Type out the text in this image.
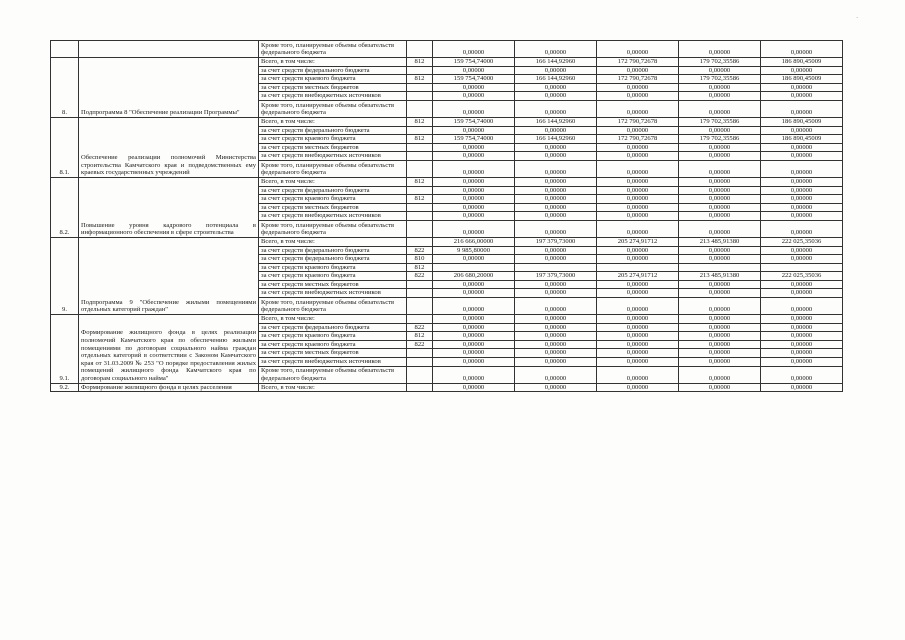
·
		Кроме того, планируемые объемы обязательств федерального бюджета		0,00000	0,00000	0,00000	0,00000	0,00000
8.	Подпрограмма 8 "Обеспечение реализации Программы"	Всего, в том числе:	812	159 754,74000	166 144,92960	172 790,72678	179 702,35586	186 890,45009
		за счет средств федерального бюджета		0,00000	0,00000	0,00000	0,00000	0,00000
		за счет средств краевого бюджета	812	159 754,74000	166 144,92960	172 790,72678	179 702,35586	186 890,45009
		за счет средств местных бюджетов		0,00000	0,00000	0,00000	0,00000	0,00000
		за счет средств внебюджетных источников		0,00000	0,00000	0,00000	0,00000	0,00000
		Кроме того, планируемые объемы обязательств федерального бюджета		0,00000	0,00000	0,00000	0,00000	0,00000
8.1.	Обеспечение реализации полномочий Министерства строительства Камчатского края и подведомственных ему краевых государственных учреждений	Всего, в том числе:	812	159 754,74000	166 144,92960	172 790,72678	179 702,35586	186 890,45009
		за счет средств федерального бюджета		0,00000	0,00000	0,00000	0,00000	0,00000
		за счет средств краевого бюджета	812	159 754,74000	166 144,92960	172 790,72678	179 702,35586	186 890,45009
		за счет средств местных бюджетов		0,00000	0,00000	0,00000	0,00000	0,00000
		за счет средств внебюджетных источников		0,00000	0,00000	0,00000	0,00000	0,00000
		Кроме того, планируемые объемы обязательств федерального бюджета		0,00000	0,00000	0,00000	0,00000	0,00000
8.2.	Повышение уровня кадрового потенциала в информационного обеспечения в сфере строительства	Всего, в том числе:	812	0,00000	0,00000	0,00000	0,00000	0,00000
		за счет средств федерального бюджета		0,00000	0,00000	0,00000	0,00000	0,00000
		за счет средств краевого бюджета	812	0,00000	0,00000	0,00000	0,00000	0,00000
		за счет средств местных бюджетов		0,00000	0,00000	0,00000	0,00000	0,00000
		за счет средств внебюджетных источников		0,00000	0,00000	0,00000	0,00000	0,00000
		Кроме того, планируемые объемы обязательств федерального бюджета		0,00000	0,00000	0,00000	0,00000	0,00000
9.	Подпрограмма 9 "Обеспечение жилыми помещениями отдельных категорий граждан"	Всего, в том числе:		216 666,00000	197 379,73000	205 274,91712	213 485,91380	222 025,35036
		за счет средств федерального бюджета	822	9 985,80000	0,00000	0,00000	0,00000	0,00000
		за счет средств федерального бюджета	810	0,00000	0,00000	0,00000	0,00000	0,00000
		за счет средств краевого бюджета	812					
		за счет средств краевого бюджета	822	206 680,20000	197 379,73000	205 274,91712	213 485,91380	222 025,35036
		за счет средств местных бюджетов		0,00000	0,00000	0,00000	0,00000	0,00000
		за счет средств внебюджетных источников		0,00000	0,00000	0,00000	0,00000	0,00000
		Кроме того, планируемые объемы обязательств федерального бюджета		0,00000	0,00000	0,00000	0,00000	0,00000
9.1.	Формирование жилищного фонда в целях реализации полномочий Камчатского края по обеспечению жилыми помещениями по договорам социального найма граждан отдельных категорий в соответствии с Законом Камчатского края от 31.03.2009 № 253 "О порядке предоставления жилых помещений жилищного фонда Камчатского края по договорам социального найма"	Всего, в том числе:		0,00000	0,00000	0,00000	0,00000	0,00000
		за счет средств федерального бюджета	822	0,00000	0,00000	0,00000	0,00000	0,00000
		за счет средств краевого бюджета	812	0,00000	0,00000	0,00000	0,00000	0,00000
		за счет средств краевого бюджета	822	0,00000	0,00000	0,00000	0,00000	0,00000
		за счет средств местных бюджетов		0,00000	0,00000	0,00000	0,00000	0,00000
		за счет средств внебюджетных источников		0,00000	0,00000	0,00000	0,00000	0,00000
		Кроме того, планируемые объемы обязательств федерального бюджета		0,00000	0,00000	0,00000	0,00000	0,00000
9.2.	Формирование жилищного фонда в целях расселения	Всего, в том числе:		0,00000	0,00000	0,00000	0,00000	0,00000
